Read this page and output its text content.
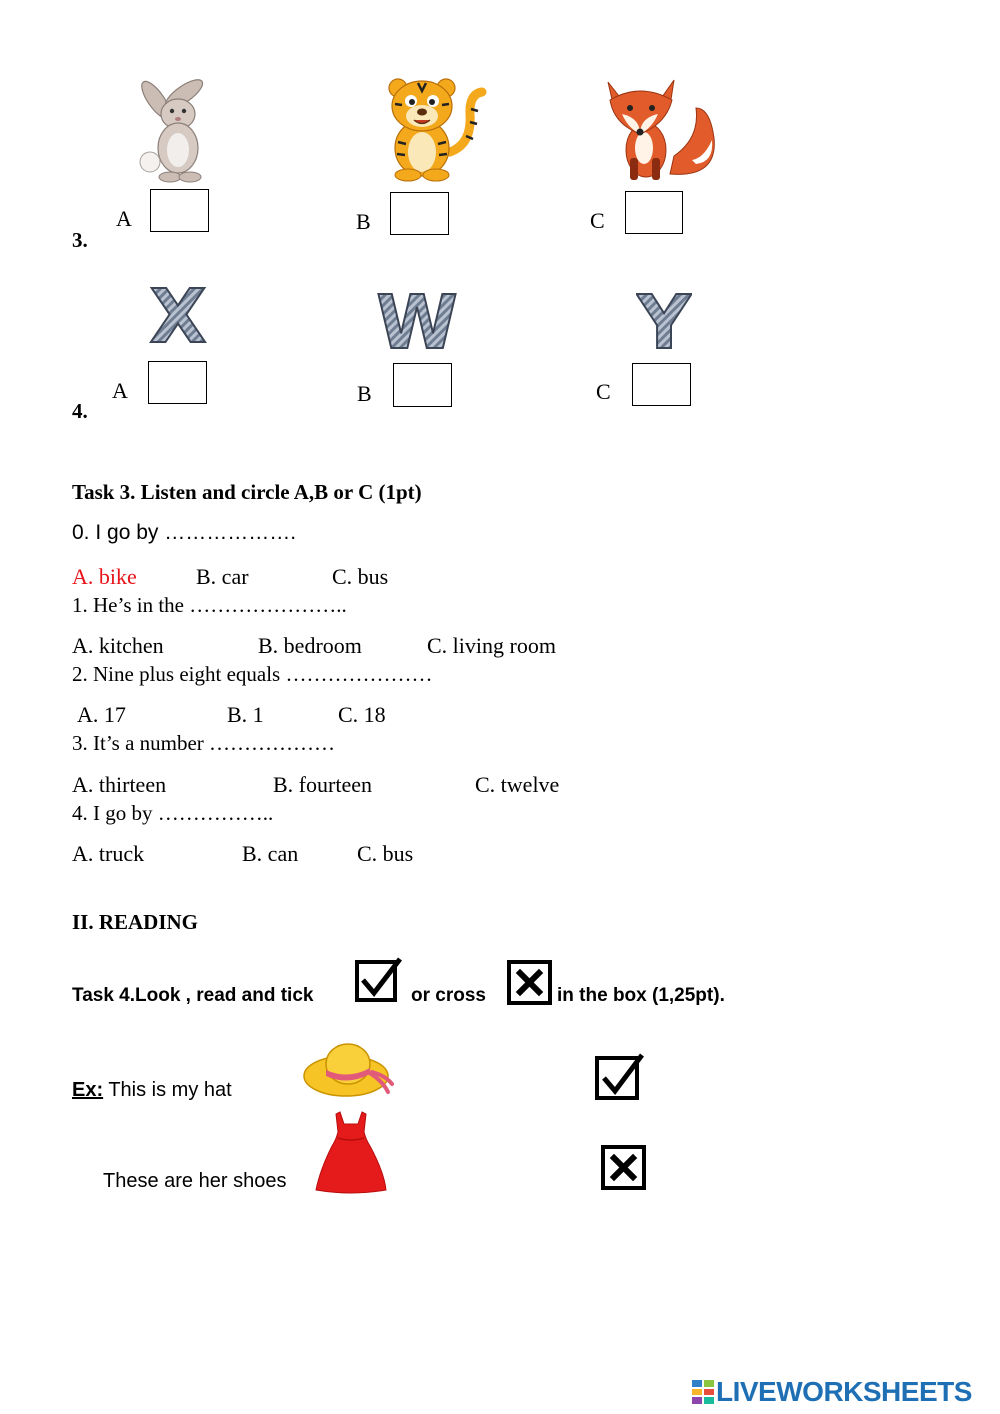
3.
A	B	C
4.
X W Y
A	B	C
Task 3. Listen and circle A,B or C (1pt)
0. I go by ……………….
A. bike	B. car	C. bus
1. He’s in the …………………..
A. kitchen	B. bedroom	C. living room
2. Nine plus eight equals …………………
A. 17	B. 1	C. 18
3. It’s a number ………………
A. thirteen	B. fourteen	C. twelve
4. I go by ……………..
A. truck	B. can	C. bus
II. READING
Task 4.Look , read and tick	or cross ☒ in the box (1,25pt).
Ex: This is my hat
These are her shoes
LIVEWORKSHEETS
